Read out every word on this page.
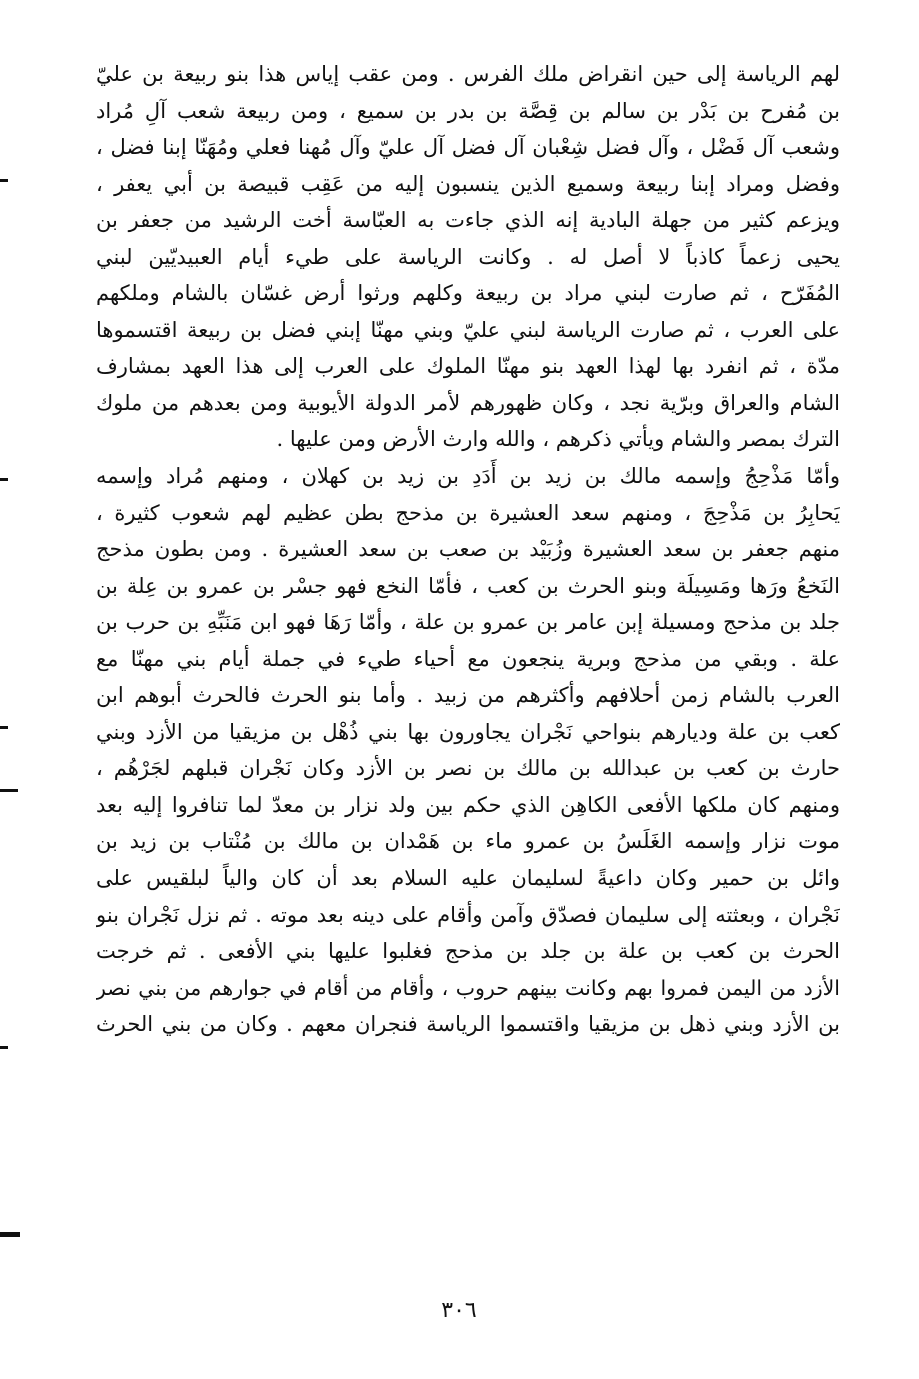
لهم الرياسة إلى حين انقراض ملك الفرس . ومن عقب إياس هذا بنو ربيعة بن عليّ
بن مُفرح بن بَدْر بن سالم بن قِصَّة بن بدر بن سميع ، ومن ربيعة شعب آلِ مُراد
وشعب آل فَضْل ، وآل فضل شِعْبان آل فضل آل عليّ وآل مُهنا فعلي ومُهَنّا إبنا فضل ،
وفضل ومراد إبنا ربيعة وسميع الذين ينسبون إليه من عَقِب قبيصة بن أبي يعفر ،
ويزعم كثير من جهلة البادية إنه الذي جاءت به العبّاسة أخت الرشيد من جعفر بن
يحيى زعماً كاذباً لا أصل له . وكانت الرياسة على طيء أيام العبيديّين لبني
المُفَرّح ، ثم صارت لبني مراد بن ربيعة وكلهم ورثوا أرض غسّان بالشام وملكهم
على العرب ، ثم صارت الرياسة لبني عليّ وبني مهنّا إبني فضل بن ربيعة اقتسموها
مدّة ، ثم انفرد بها لهذا العهد بنو مهنّا الملوك على العرب إلى هذا العهد بمشارف
الشام والعراق وبرّية نجد ، وكان ظهورهم لأمر الدولة الأيوبية ومن بعدهم من ملوك
الترك بمصر والشام ويأتي ذكرهم ، والله وارث الأرض ومن عليها .
وأمّا مَذْحِجُ وإسمه مالك بن زيد بن أَدَدِ بن زيد بن كهلان ، ومنهم مُراد وإسمه
يَحابِرُ بن مَذْحِجَ ، ومنهم سعد العشيرة بن مذحج بطن عظيم لهم شعوب كثيرة ،
منهم جعفر بن سعد العشيرة وزُبَيْد بن صعب بن سعد العشيرة . ومن بطون مذحج
النَخعُ ورَها ومَسِيلَة وبنو الحرث بن كعب ، فأمّا النخع فهو جسْر بن عمرو بن عِلة بن
جلد بن مذحج ومسيلة إبن عامر بن عمرو بن علة ، وأمّا رَهَا فهو ابن مَنَبِّهِ بن حرب بن
علة . وبقي من مذحج وبرية ينجعون مع أحياء طيء في جملة أيام بني مهنّا مع
العرب بالشام زمن أحلافهم وأكثرهم من زبيد . وأما بنو الحرث فالحرث أبوهم ابن
كعب بن علة وديارهم بنواحي نَجْران يجاورون بها بني ذُهْل بن مزيقيا من الأزد وبني
حارث بن كعب بن عبدالله بن مالك بن نصر بن الأزد وكان نَجْران قبلهم لجَرْهُم ،
ومنهم كان ملكها الأفعى الكاهِن الذي حكم بين ولد نزار بن معدّ لما تنافروا إليه بعد
موت نزار وإسمه الغَلَسُ بن عمرو ماء بن هَمْدان بن مالك بن مُنْتاب بن زيد بن
وائل بن حمير وكان داعيةً لسليمان عليه السلام بعد أن كان والياً لبلقيس على
نَجْران ، وبعثته إلى سليمان فصدّق وآمن وأقام على دينه بعد موته . ثم نزل نَجْران بنو
الحرث بن كعب بن علة بن جلد بن مذحج فغلبوا عليها بني الأفعى . ثم خرجت
الأزد من اليمن فمروا بهم وكانت بينهم حروب ، وأقام من أقام في جوارهم من بني نصر
بن الأزد وبني ذهل بن مزيقيا واقتسموا الرياسة فنجران معهم . وكان من بني الحرث
٣٠٦
